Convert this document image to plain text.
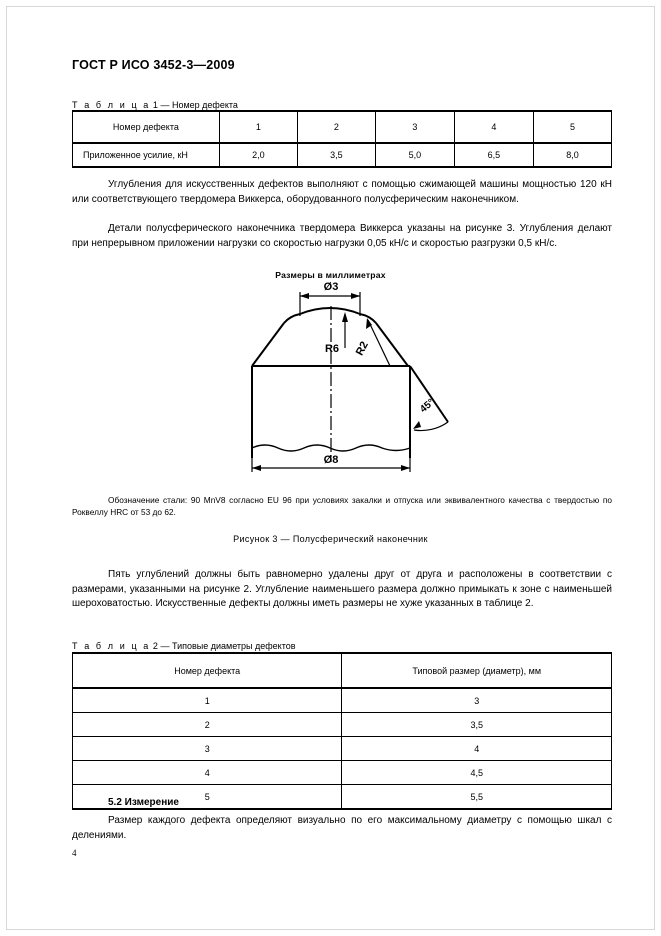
ГОСТ Р ИСО 3452-3—2009
Т а б л и ц а 1 — Номер дефекта
Номер дефекта	1	2	3	4	5
Приложенное усилие, кН	2,0	3,5	5,0	6,5	8,0

Углубления для искусственных дефектов выполняют с помощью сжимающей машины мощностью 120 кН или соответствующего твердомера Виккерса, оборудованного полусферическим наконечником.

Детали полусферического наконечника твердомера Виккерса указаны на рисунке 3. Углубления делают при непрерывном приложении нагрузки со скоростью нагрузки 0,05 кН/с и скоростью разгрузки 0,5 кН/с.

Размеры в миллиметрах
Ø3
R6 R2
45°
Ø8

Обозначение стали: 90 MnV8 согласно EU 96 при условиях закалки и отпуска или эквивалентного качества с твердостью по Роквеллу HRC от 53 до 62.

Рисунок 3 — Полусферический наконечник

Пять углублений должны быть равномерно удалены друг от друга и расположены в соответствии с размерами, указанными на рисунке 2. Углубление наименьшего размера должно примыкать к зоне с наименьшей шероховатостью. Искусственные дефекты должны иметь размеры не хуже указанных в таблице 2.

Т а б л и ц а 2 — Типовые диаметры дефектов
Номер дефекта	Типовой размер (диаметр), мм
1	3
2	3,5
3	4
4	4,5
5	5,5
5.2 Измерение

Размер каждого дефекта определяют визуально по его максимальному диаметру с помощью шкал с делениями.

4
